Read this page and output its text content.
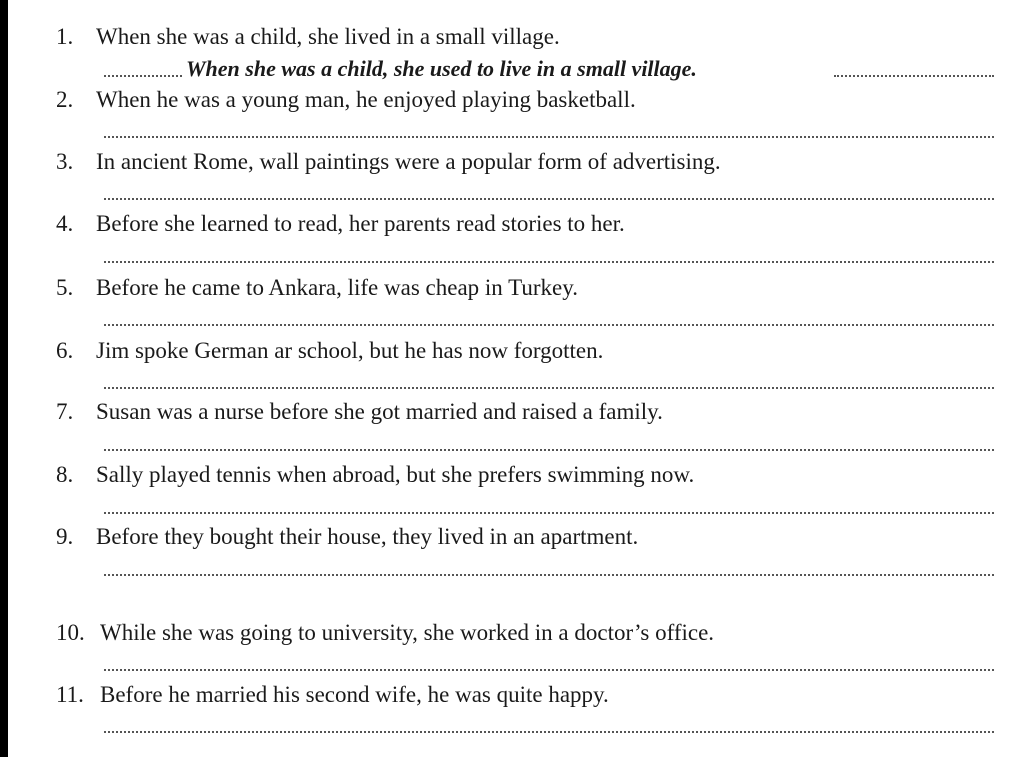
1. When she was a child, she lived in a small village.
When she was a child, she used to live in a small village.
2. When he was a young man, he enjoyed playing basketball.
3. In ancient Rome, wall paintings were a popular form of advertising.
4. Before she learned to read, her parents read stories to her.
5. Before he came to Ankara, life was cheap in Turkey.
6. Jim spoke German ar school, but he has now forgotten.
7. Susan was a nurse before she got married and raised a family.
8. Sally played tennis when abroad, but she prefers swimming now.
9. Before they bought their house, they lived in an apartment.
10. While she was going to university, she worked in a doctor’s office.
11. Before he married his second wife, he was quite happy.
